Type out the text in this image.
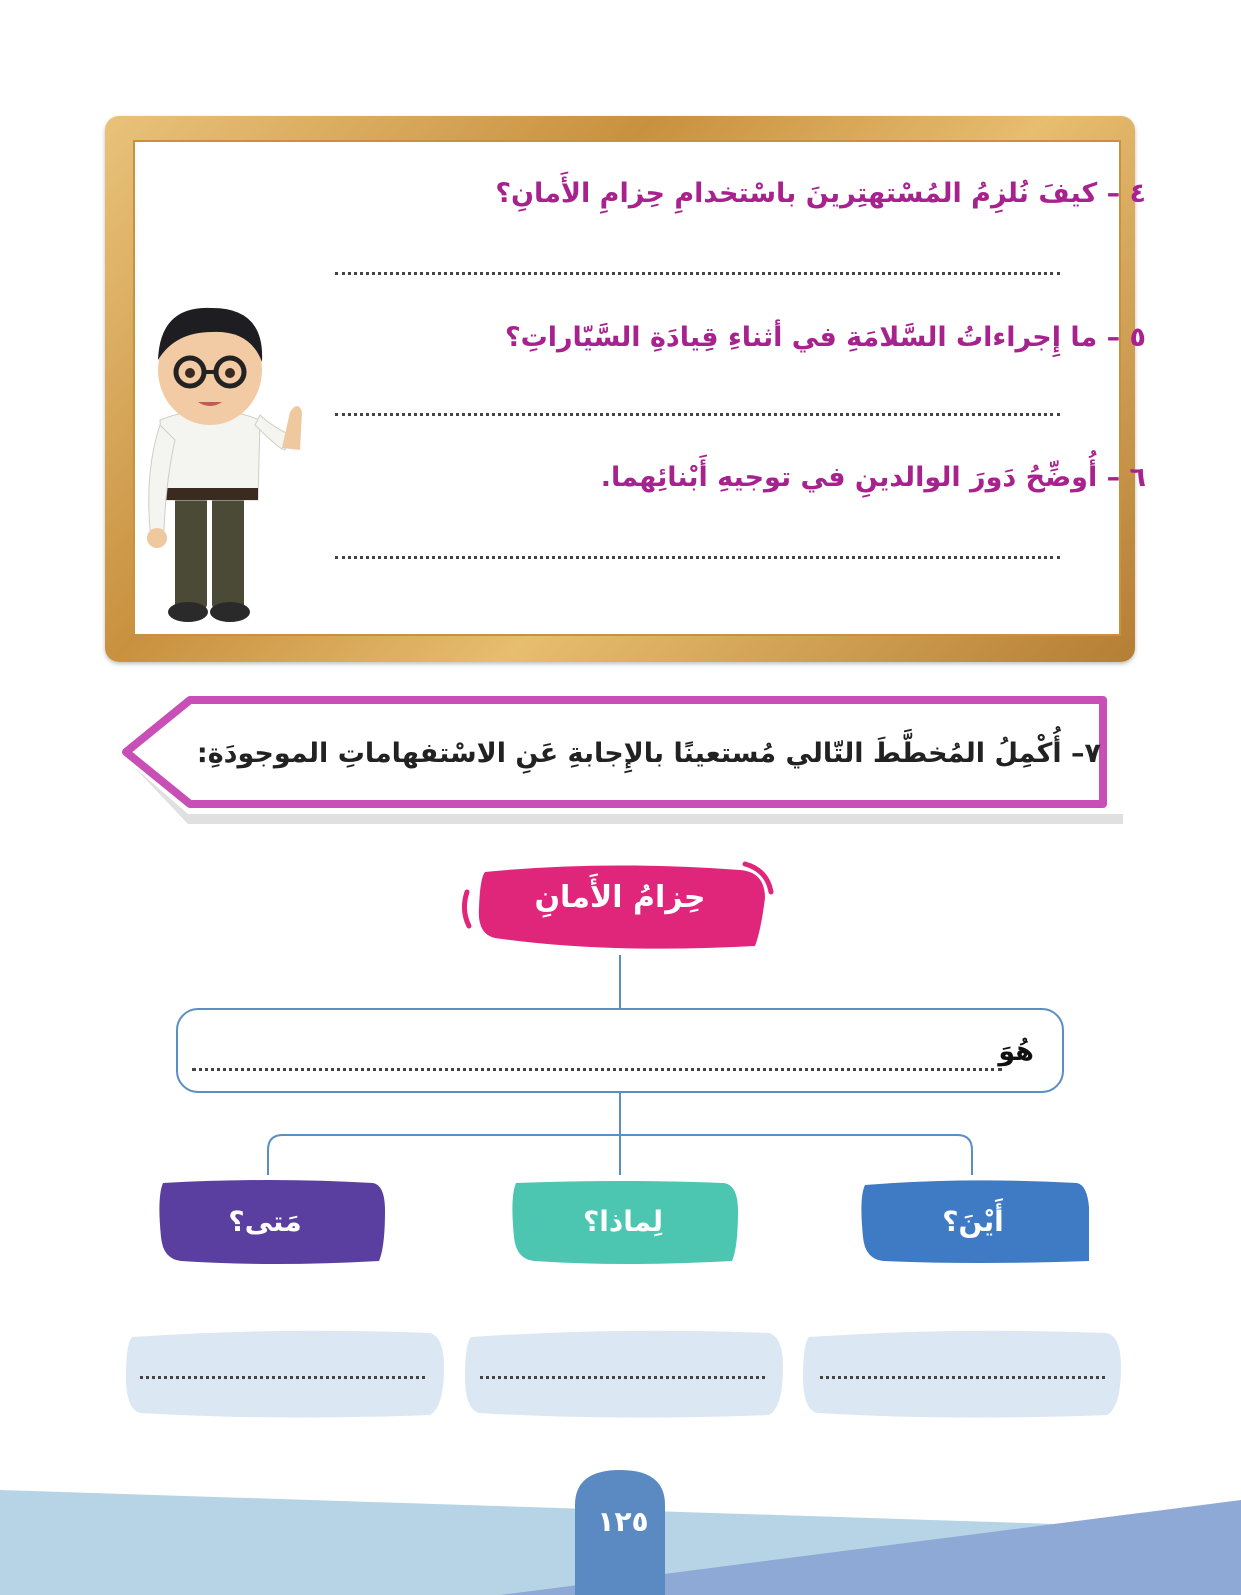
٤ – كيفَ نُلزِمُ المُسْتهتِرينَ باسْتخدامِ حِزامِ الأَمانِ؟
٥ – ما إِجراءاتُ السَّلامَةِ في أثناءِ قِيادَةِ السَّيّاراتِ؟
٦ – أُوضِّحُ دَورَ الوالدينِ في توجيهِ أَبْنائِهما.
٧– أُكْمِلُ المُخطَّطَ التّالي مُستعينًا بالإِجابةِ عَنِ الاسْتفهاماتِ الموجودَةِ:
حِزامُ الأَمانِ
هُوَ
أَيْنَ؟
لِماذا؟
مَتى؟
١٢٥
